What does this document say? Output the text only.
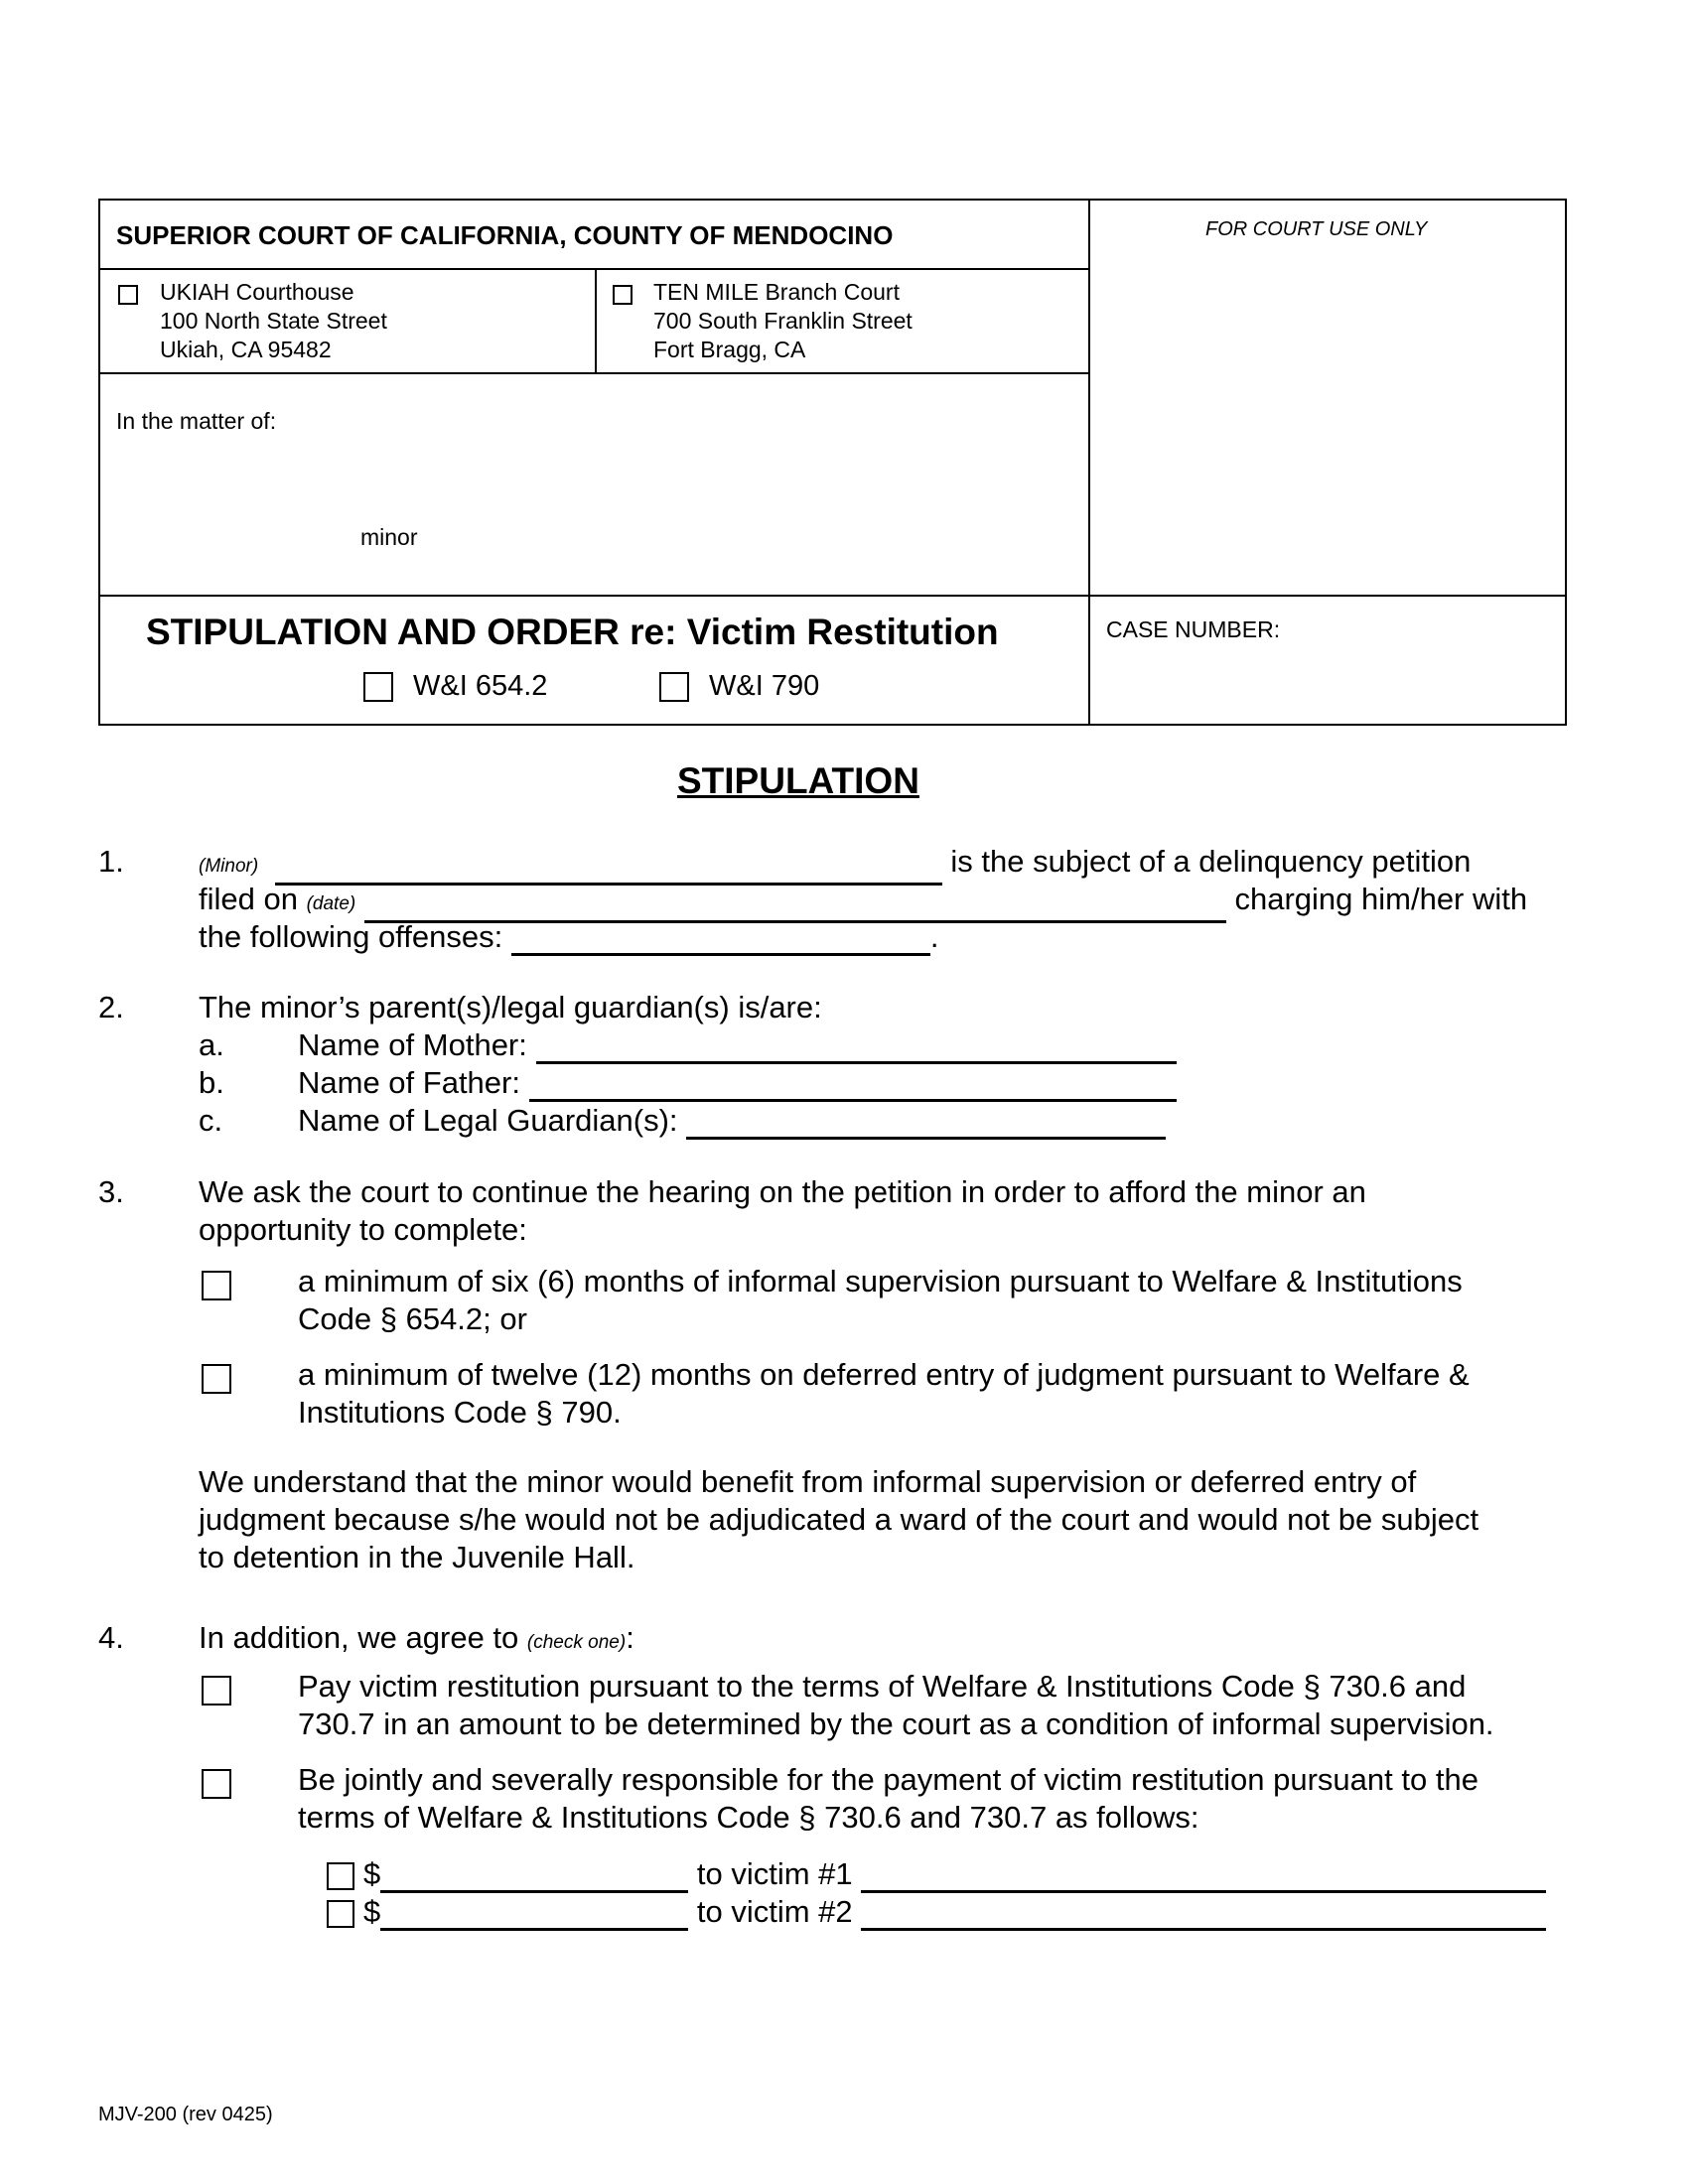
SUPERIOR COURT OF CALIFORNIA, COUNTY OF MENDOCINO	FOR COURT USE ONLY
UKIAH Courthouse
100 North State Street
Ukiah, CA 95482
TEN MILE Branch Court
700 South Franklin Street
Fort Bragg, CA
In the matter of:
minor
STIPULATION AND ORDER re: Victim Restitution
W&I 654.2	W&I 790
CASE NUMBER:
STIPULATION
1.	(Minor)	is the subject of a delinquency petition
filed on (date)	charging him/her with
the following offenses:	.
2. The minor’s parent(s)/legal guardian(s) is/are:
a. Name of Mother:
b. Name of Father:
c. Name of Legal Guardian(s):
3. We ask the court to continue the hearing on the petition in order to afford the minor an
opportunity to complete:
a minimum of six (6) months of informal supervision pursuant to Welfare & Institutions
Code § 654.2; or
a minimum of twelve (12) months on deferred entry of judgment pursuant to Welfare &
Institutions Code § 790.
We understand that the minor would benefit from informal supervision or deferred entry of
judgment because s/he would not be adjudicated a ward of the court and would not be subject
to detention in the Juvenile Hall.
4. In addition, we agree to (check one):
Pay victim restitution pursuant to the terms of Welfare & Institutions Code § 730.6 and
730.7 in an amount to be determined by the court as a condition of informal supervision.
Be jointly and severally responsible for the payment of victim restitution pursuant to the
terms of Welfare & Institutions Code § 730.6 and 730.7 as follows:
$	to victim #1
$	to victim #2
MJV-200 (rev 0425)
